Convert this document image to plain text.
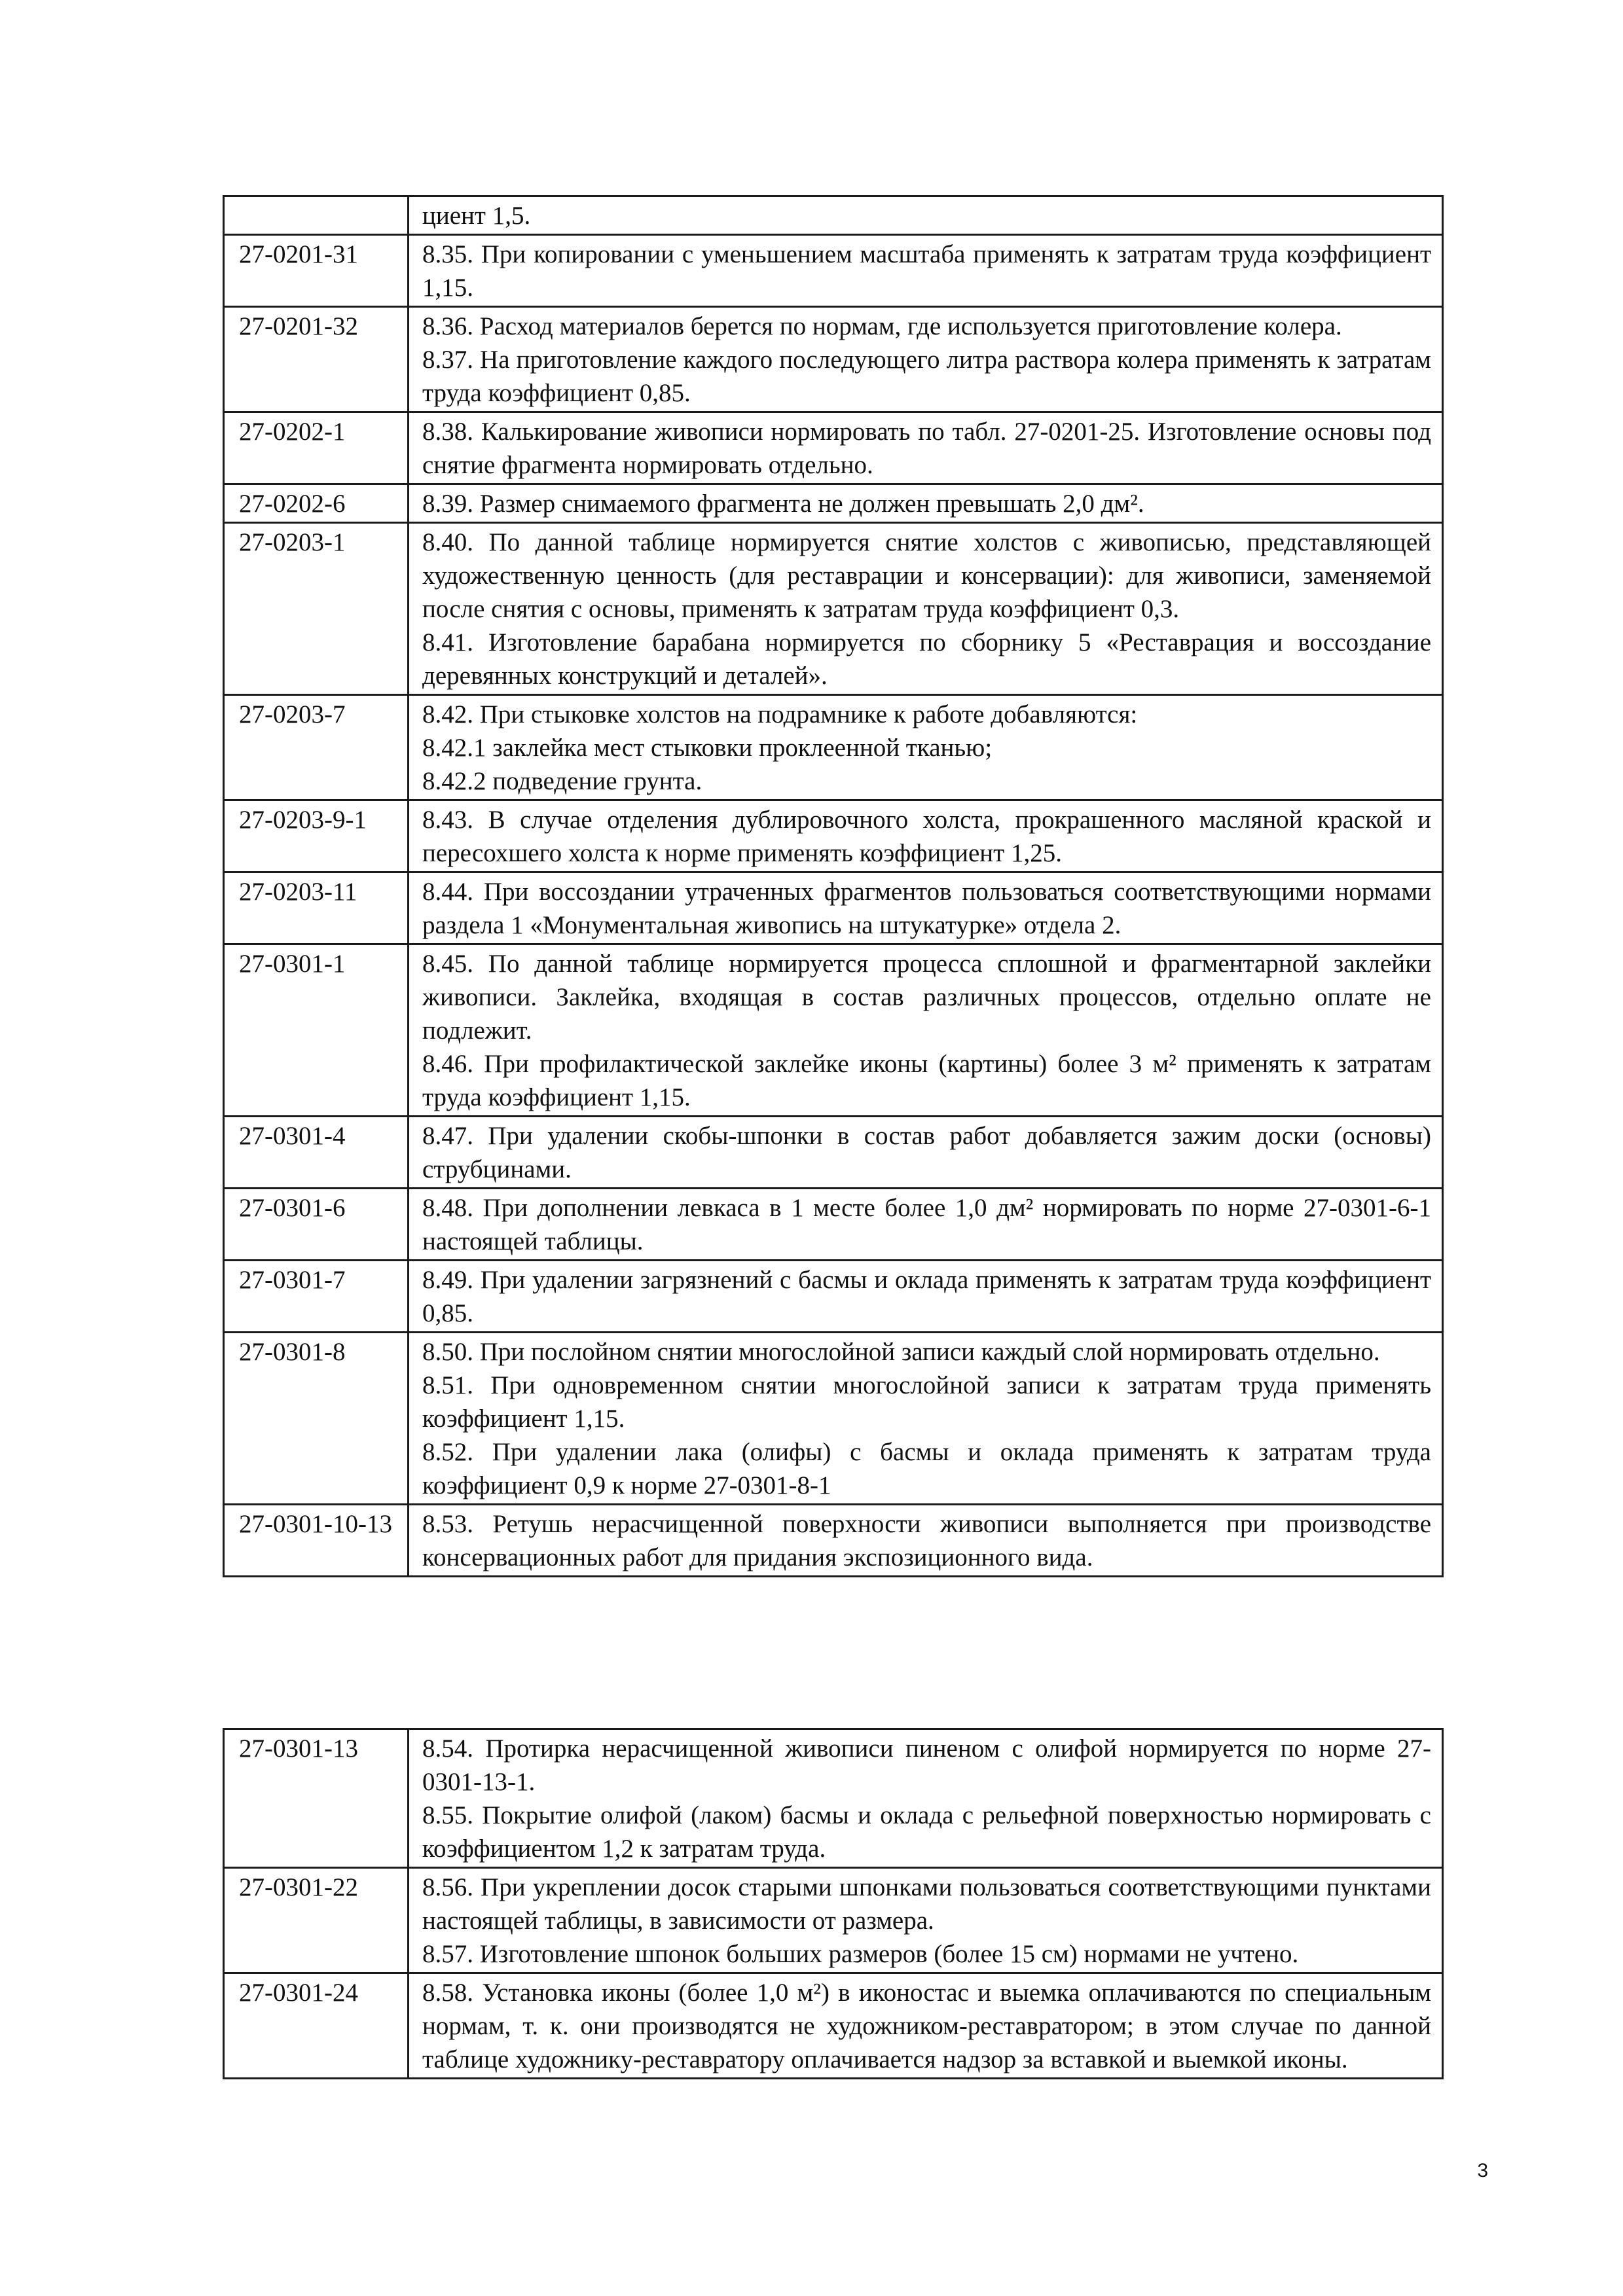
	циент 1,5.

27-0201-31	8.35. При копировании с уменьшением масштаба применять к затратам труда коэффициент 1,15.

27-0201-32	8.36. Расход материалов берется по нормам, где используется приготовление колера.
8.37. На приготовление каждого последующего литра раствора колера применять к затратам труда коэффициент 0,85.

27-0202-1	8.38. Калькирование живописи нормировать по табл. 27-0201-25. Изготовление основы под снятие фрагмента нормировать отдельно.

27-0202-6	8.39. Размер снимаемого фрагмента не должен превышать 2,0 дм².

27-0203-1	8.40. По данной таблице нормируется снятие холстов с живописью, представляющей художественную ценность (для реставрации и консервации): для живописи, заменяемой после снятия с основы, применять к затратам труда коэффициент 0,3.
8.41. Изготовление барабана нормируется по сборнику 5 «Реставрация и воссоздание деревянных конструкций и деталей».

27-0203-7	8.42. При стыковке холстов на подрамнике к работе добавляются:
8.42.1 заклейка мест стыковки проклеенной тканью;
8.42.2 подведение грунта.

27-0203-9-1	8.43. В случае отделения дублировочного холста, прокрашенного масляной краской и пересохшего холста к норме применять коэффициент 1,25.

27-0203-11	8.44. При воссоздании утраченных фрагментов пользоваться соответствующими нормами раздела 1 «Монументальная живопись на штукатурке» отдела 2.

27-0301-1	8.45. По данной таблице нормируется процесса сплошной и фрагментарной заклейки живописи. Заклейка, входящая в состав различных процессов, отдельно оплате не подлежит.
8.46. При профилактической заклейке иконы (картины) более 3 м² применять к затратам труда коэффициент 1,15.

27-0301-4	8.47. При удалении скобы-шпонки в состав работ добавляется зажим доски (основы) струбцинами.

27-0301-6	8.48. При дополнении левкаса в 1 месте более 1,0 дм² нормировать по норме 27-0301-6-1 настоящей таблицы.

27-0301-7	8.49. При удалении загрязнений с басмы и оклада применять к затратам труда коэффициент 0,85.

27-0301-8	8.50. При послойном снятии многослойной записи каждый слой нормировать отдельно.
8.51. При одновременном снятии многослойной записи к затратам труда применять коэффициент 1,15.
8.52. При удалении лака (олифы) с басмы и оклада применять к затратам труда коэффициент 0,9 к норме 27-0301-8-1

27-0301-10-13	8.53. Ретушь нерасчищенной поверхности живописи выполняется при производстве консервационных работ для придания экспозиционного вида.
27-0301-13	8.54. Протирка нерасчищенной живописи пиненом с олифой нормируется по норме 27-0301-13-1.
8.55. Покрытие олифой (лаком) басмы и оклада с рельефной поверхностью нормировать с коэффициентом 1,2 к затратам труда.

27-0301-22	8.56. При укреплении досок старыми шпонками пользоваться соответствующими пунктами настоящей таблицы, в зависимости от размера.
8.57. Изготовление шпонок больших размеров (более 15 см) нормами не учтено.

27-0301-24	8.58. Установка иконы (более 1,0 м²) в иконостас и выемка оплачиваются по специальным нормам, т. к. они производятся не художником-реставратором; в этом случае по данной таблице художнику-реставратору оплачивается надзор за вставкой и выемкой иконы.
3
